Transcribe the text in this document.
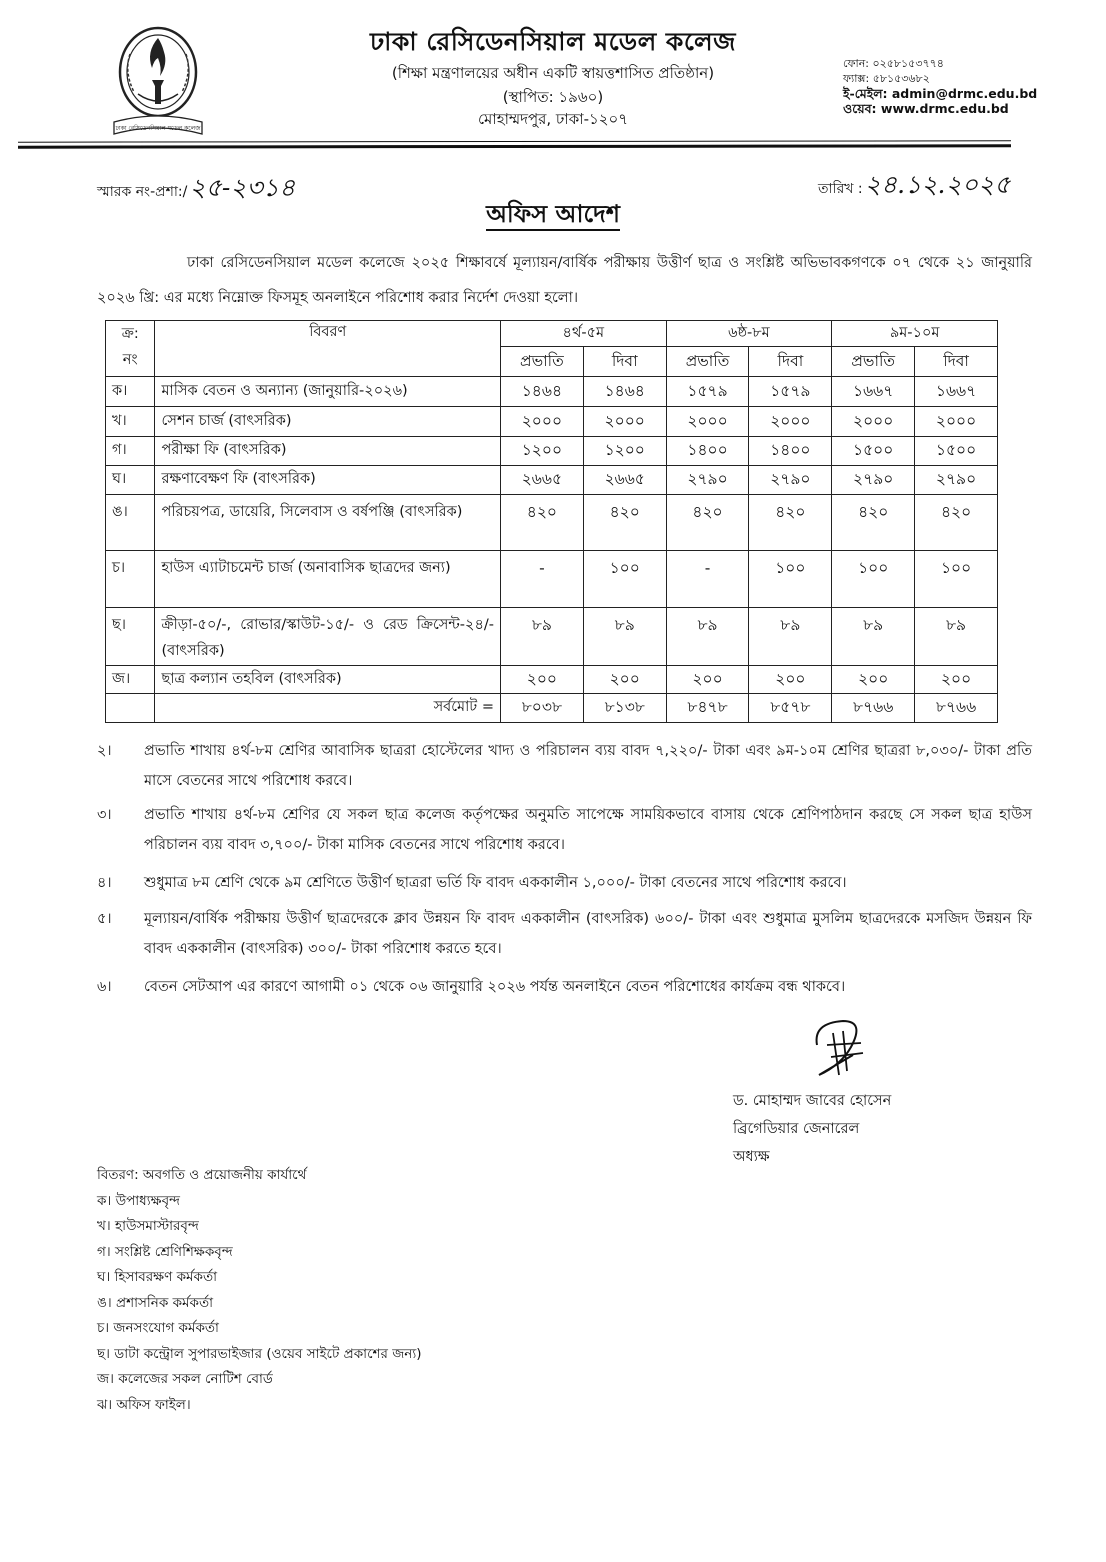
ঢাকা রেসিডেনসিয়াল মডেল কলেজ
ঢাকা রেসিডেনসিয়াল মডেল কলেজ
(শিক্ষা মন্ত্রণালয়ের অধীন একটি স্বায়ত্তশাসিত প্রতিষ্ঠান)
(স্থাপিত: ১৯৬০)
মোহাম্মদপুর, ঢাকা-১২০৭
ফোন: ০২৫৮১৫৩৭৭৪
ফ্যাক্স: ৫৮১৫৩৬৮২
ই-মেইল: admin@drmc.edu.bd
ওয়েব: www.drmc.edu.bd
স্মারক নং-প্রশা:/ ২৫-২৩১৪	তারিখ : ২৪.১২.২০২৫
অফিস আদেশ
ঢাকা রেসিডেনসিয়াল মডেল কলেজে ২০২৫ শিক্ষাবর্ষে মূল্যায়ন/বার্ষিক পরীক্ষায় উত্তীর্ণ ছাত্র ও সংশ্লিষ্ট অভিভাবকগণকে ০৭ থেকে ২১ জানুয়ারি ২০২৬ খ্রি: এর মধ্যে নিম্নোক্ত ফিসমূহ অনলাইনে পরিশোধ করার নির্দেশ দেওয়া হলো।
ক্র: নং	বিবরণ	৪র্থ-৫ম		৬ষ্ঠ-৮ম		৯ম-১০ম	
		প্রভাতি	দিবা	প্রভাতি	দিবা	প্রভাতি	দিবা
ক।	মাসিক বেতন ও অন্যান্য (জানুয়ারি-২০২৬)	১৪৬৪	১৪৬৪	১৫৭৯	১৫৭৯	১৬৬৭	১৬৬৭
খ।	সেশন চার্জ (বাৎসরিক)	২০০০	২০০০	২০০০	২০০০	২০০০	২০০০
গ।	পরীক্ষা ফি (বাৎসরিক)	১২০০	১২০০	১৪০০	১৪০০	১৫০০	১৫০০
ঘ।	রক্ষণাবেক্ষণ ফি (বাৎসরিক)	২৬৬৫	২৬৬৫	২৭৯০	২৭৯০	২৭৯০	২৭৯০
ঙ।	পরিচয়পত্র, ডায়েরি, সিলেবাস ও বর্ষপঞ্জি (বাৎসরিক)	৪২০	৪২০	৪২০	৪২০	৪২০	৪২০
চ।	হাউস এ্যাটাচমেন্ট চার্জ (অনাবাসিক ছাত্রদের জন্য)	-	১০০	-	১০০	১০০	১০০
ছ।	ক্রীড়া-৫০/-, রোভার/স্কাউট-১৫/- ও রেড ক্রিসেন্ট-২৪/- (বাৎসরিক)	৮৯	৮৯	৮৯	৮৯	৮৯	৮৯
জ।	ছাত্র কল্যান তহবিল (বাৎসরিক)	২০০	২০০	২০০	২০০	২০০	২০০
	সর্বমোট =	৮০৩৮	৮১৩৮	৮৪৭৮	৮৫৭৮	৮৭৬৬	৮৭৬৬
২।	প্রভাতি শাখায় ৪র্থ-৮ম শ্রেণির আবাসিক ছাত্ররা হোস্টেলের খাদ্য ও পরিচালন ব্যয় বাবদ ৭,২২০/- টাকা এবং ৯ম-১০ম শ্রেণির ছাত্ররা ৮,০৩০/- টাকা প্রতি মাসে বেতনের সাথে পরিশোধ করবে।
৩।	প্রভাতি শাখায় ৪র্থ-৮ম শ্রেণির যে সকল ছাত্র কলেজ কর্তৃপক্ষের অনুমতি সাপেক্ষে সাময়িকভাবে বাসায় থেকে শ্রেণিপাঠদান করছে সে সকল ছাত্র হাউস পরিচালন ব্যয় বাবদ ৩,৭০০/- টাকা মাসিক বেতনের সাথে পরিশোধ করবে।
৪।	শুধুমাত্র ৮ম শ্রেণি থেকে ৯ম শ্রেণিতে উত্তীর্ণ ছাত্ররা ভর্তি ফি বাবদ এককালীন ১,০০০/- টাকা বেতনের সাথে পরিশোধ করবে।
৫।	মূল্যায়ন/বার্ষিক পরীক্ষায় উত্তীর্ণ ছাত্রদেরকে ক্লাব উন্নয়ন ফি বাবদ এককালীন (বাৎসরিক) ৬০০/- টাকা এবং শুধুমাত্র মুসলিম ছাত্রদেরকে মসজিদ উন্নয়ন ফি বাবদ এককালীন (বাৎসরিক) ৩০০/- টাকা পরিশোধ করতে হবে।
৬।	বেতন সেটআপ এর কারণে আগামী ০১ থেকে ০৬ জানুয়ারি ২০২৬ পর্যন্ত অনলাইনে বেতন পরিশোধের কার্যক্রম বন্ধ থাকবে।
ড. মোহাম্মদ জাবের হোসেন
ব্রিগেডিয়ার জেনারেল
অধ্যক্ষ
বিতরণ: অবগতি ও প্রয়োজনীয় কার্যার্থে
ক। উপাধ্যক্ষবৃন্দ
খ। হাউসমাস্টারবৃন্দ
গ। সংশ্লিষ্ট শ্রেণিশিক্ষকবৃন্দ
ঘ। হিসাবরক্ষণ কর্মকর্তা
ঙ। প্রশাসনিক কর্মকর্তা
চ। জনসংযোগ কর্মকর্তা
ছ। ডাটা কন্ট্রোল সুপারভাইজার (ওয়েব সাইটে প্রকাশের জন্য)
জ। কলেজের সকল নোটিশ বোর্ড
ঝ। অফিস ফাইল।
